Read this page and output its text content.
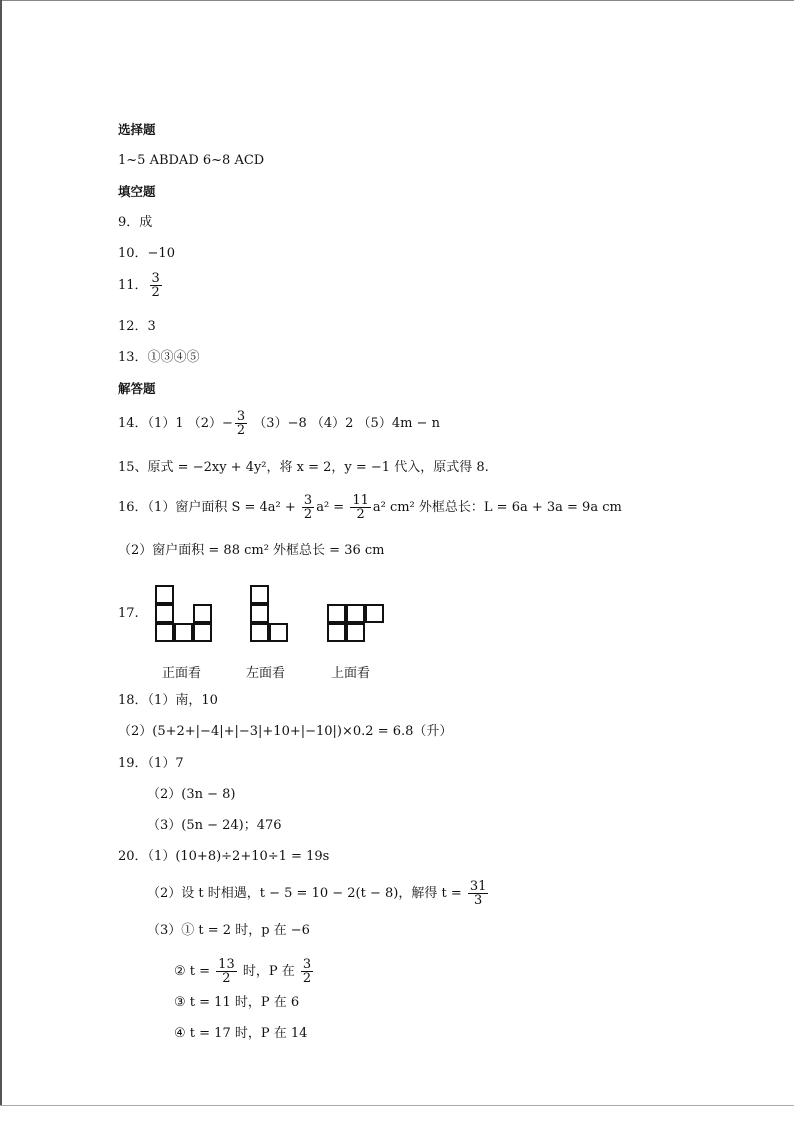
选择题
1~5 ABDAD 6~8 ACD
填空题
9．成
10．−10
11． $\frac{3}{2}$
12．3
13．①③④⑤
解答题
14．（1）1 $(2)- \frac{3}{2} (3)-8$ （4）2 （5）4m − n
15、原式 = −2xy + 4y²，将 x = 2，y = −1 代入，原式得 8.
16．（1）窗户面积 $S = 4a^2 + \frac{3}{2} a^2 = \frac{11}{2} a^2$ cm² 外框总长：L = 6a + 3a = 9a cm
（2）窗户面积 = 88 cm² 外框总长 = 36 cm
17.
正面看	左面看	上面看
18．（1）南，10
（2）(5+2+|−4|+|−3|+10+|−10|)×0.2 = 6.8（升）
19．（1）7
（2）(3n − 8)
（3）(5n − 24)；476
20．（1）(10+8)÷2+10÷1 = 19s
（2）设 t 时相遇，t − 5 = 10 − 2(t − 8)，解得 $t = \frac{31}{3}$
（3）① t = 2 时，p 在 −6
② $t = \frac{13}{2}$ 时，P 在 $\frac{3}{2}$
③ t = 11 时，P 在 6
④ t = 17 时，P 在 14
